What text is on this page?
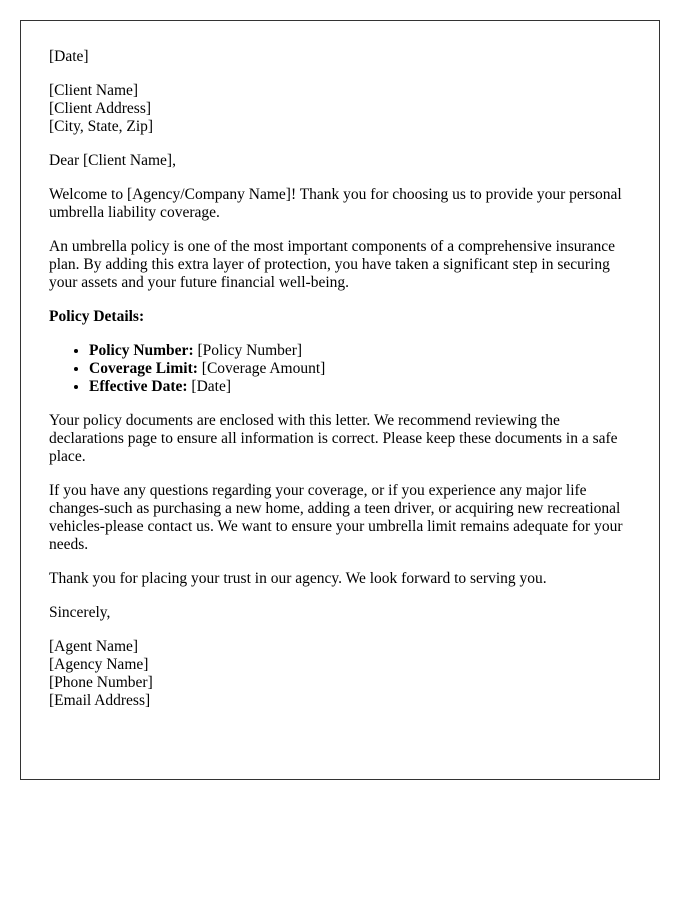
[Date]
[Client Name]
[Client Address]
[City, State, Zip]

Dear [Client Name],

Welcome to [Agency/Company Name]! Thank you for choosing us to provide your personal umbrella liability coverage.

An umbrella policy is one of the most important components of a comprehensive insurance plan. By adding this extra layer of protection, you have taken a significant step in securing your assets and your future financial well-being.

Policy Details:
• Policy Number: [Policy Number]
• Coverage Limit: [Coverage Amount]
• Effective Date: [Date]

Your policy documents are enclosed with this letter. We recommend reviewing the declarations page to ensure all information is correct. Please keep these documents in a safe place.

If you have any questions regarding your coverage, or if you experience any major life changes-such as purchasing a new home, adding a teen driver, or acquiring new recreational vehicles-please contact us. We want to ensure your umbrella limit remains adequate for your needs.

Thank you for placing your trust in our agency. We look forward to serving you.

Sincerely,

[Agent Name]
[Agency Name]
[Phone Number]
[Email Address]
